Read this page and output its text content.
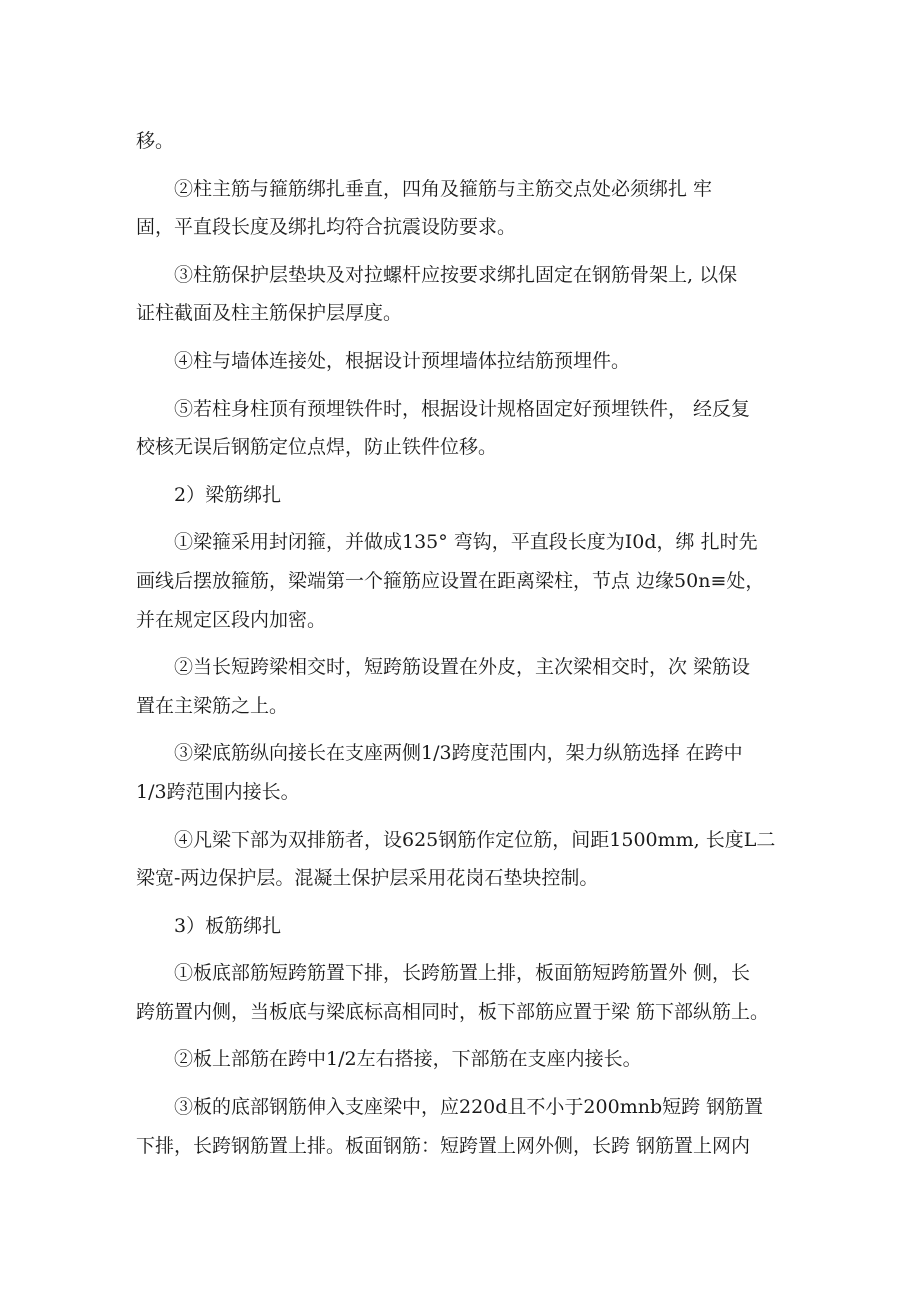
移。
②柱主筋与箍筋绑扎垂直，四角及箍筋与主筋交点处必须绑扎 牢
固，平直段长度及绑扎均符合抗震设防要求。
③柱筋保护层垫块及对拉螺杆应按要求绑扎固定在钢筋骨架上, 以保
证柱截面及柱主筋保护层厚度。
④柱与墙体连接处，根据设计预埋墙体拉结筋预埋件。
⑤若柱身柱顶有预埋铁件时，根据设计规格固定好预埋铁件， 经反复
校核无误后钢筋定位点焊，防止铁件位移。
2）梁筋绑扎
①梁箍采用封闭箍，并做成135° 弯钩，平直段长度为I0d，绑 扎时先
画线后摆放箍筋，梁端第一个箍筋应设置在距离梁柱，节点 边缘50n≡处，
并在规定区段内加密。
②当长短跨梁相交时，短跨筋设置在外皮，主次梁相交时，次 梁筋设
置在主梁筋之上。
③梁底筋纵向接长在支座两侧1/3跨度范围内，架力纵筋选择 在跨中
1/3跨范围内接长。
④凡梁下部为双排筋者，设625钢筋作定位筋，间距1500mm, 长度L二
梁宽-两边保护层。混凝土保护层采用花岗石垫块控制。
3）板筋绑扎
①板底部筋短跨筋置下排，长跨筋置上排，板面筋短跨筋置外 侧，长
跨筋置内侧，当板底与梁底标高相同时，板下部筋应置于梁 筋下部纵筋上。
②板上部筋在跨中1/2左右搭接，下部筋在支座内接长。
③板的底部钢筋伸入支座梁中，应220d且不小于200mnb短跨 钢筋置
下排，长跨钢筋置上排。板面钢筋：短跨置上网外侧，长跨 钢筋置上网内
